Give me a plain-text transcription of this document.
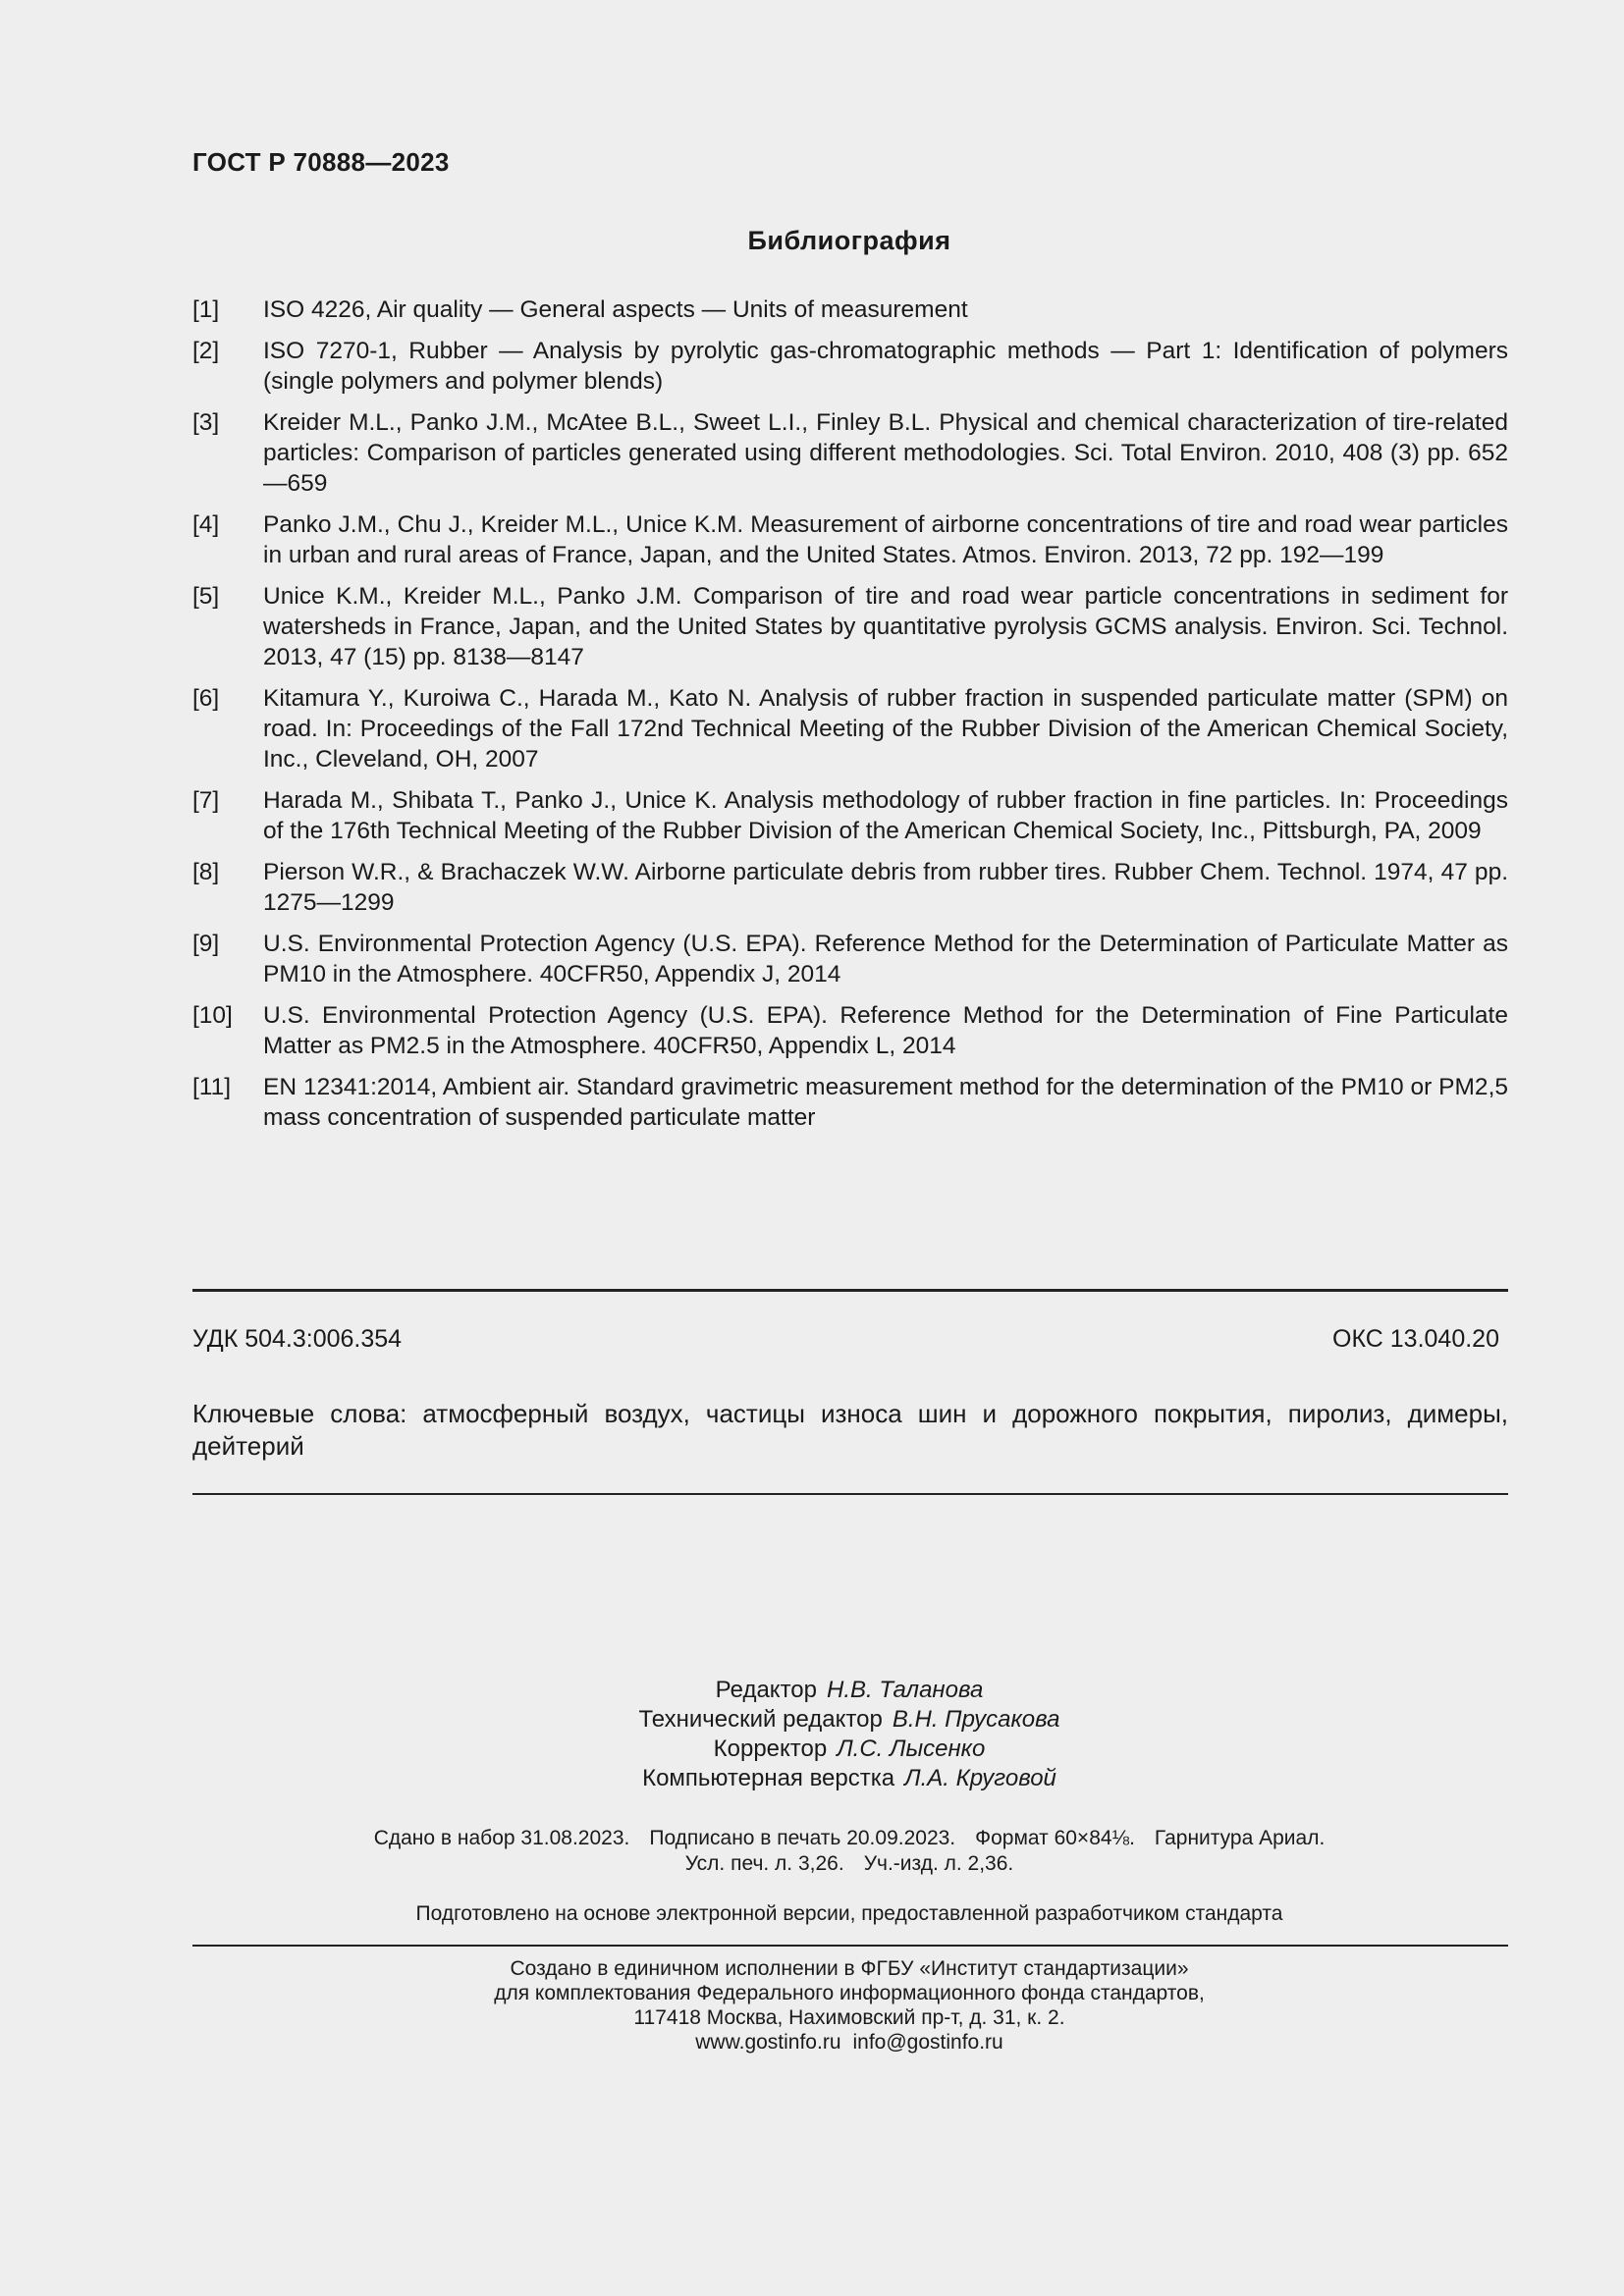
ГОСТ Р 70888—2023
Библиография
[1]	ISO 4226, Air quality — General aspects — Units of measurement
[2]	ISO 7270-1, Rubber — Analysis by pyrolytic gas-chromatographic methods — Part 1: Identification of polymers (single polymers and polymer blends)
[3]	Kreider M.L., Panko J.M., McAtee B.L., Sweet L.I., Finley B.L. Physical and chemical characterization of tire-related particles: Comparison of particles generated using different methodologies. Sci. Total Environ. 2010, 408 (3) pp. 652—659
[4]	Panko J.M., Chu J., Kreider M.L., Unice K.M. Measurement of airborne concentrations of tire and road wear particles in urban and rural areas of France, Japan, and the United States. Atmos. Environ. 2013, 72 pp. 192—199
[5]	Unice K.M., Kreider M.L., Panko J.M. Comparison of tire and road wear particle concentrations in sediment for watersheds in France, Japan, and the United States by quantitative pyrolysis GCMS analysis. Environ. Sci. Technol. 2013, 47 (15) pp. 8138—8147
[6]	Kitamura Y., Kuroiwa C., Harada M., Kato N. Analysis of rubber fraction in suspended particulate matter (SPM) on road. In: Proceedings of the Fall 172nd Technical Meeting of the Rubber Division of the American Chemical Society, Inc., Cleveland, OH, 2007
[7]	Harada M., Shibata T., Panko J., Unice K. Analysis methodology of rubber fraction in fine particles. In: Proceedings of the 176th Technical Meeting of the Rubber Division of the American Chemical Society, Inc., Pittsburgh, PA, 2009
[8]	Pierson W.R., & Brachaczek W.W. Airborne particulate debris from rubber tires. Rubber Chem. Technol. 1974, 47 pp. 1275—1299
[9]	U.S. Environmental Protection Agency (U.S. EPA). Reference Method for the Determination of Particulate Matter as PM10 in the Atmosphere. 40CFR50, Appendix J, 2014
[10]	U.S. Environmental Protection Agency (U.S. EPA). Reference Method for the Determination of Fine Particulate Matter as PM2.5 in the Atmosphere. 40CFR50, Appendix L, 2014
[11]	EN 12341:2014, Ambient air. Standard gravimetric measurement method for the determination of the PM10 or PM2,5 mass concentration of suspended particulate matter
УДК 504.3:006.354	ОКС 13.040.20
Ключевые слова: атмосферный воздух, частицы износа шин и дорожного покрытия, пиролиз, димеры, дейтерий
Редактор Н.В. Таланова
Технический редактор В.Н. Прусакова
Корректор Л.С. Лысенко
Компьютерная верстка Л.А. Круговой
Сдано в набор 31.08.2023. Подписано в печать 20.09.2023. Формат 60×84⅛. Гарнитура Ариал.
Усл. печ. л. 3,26. Уч.-изд. л. 2,36.
Подготовлено на основе электронной версии, предоставленной разработчиком стандарта
Создано в единичном исполнении в ФГБУ «Институт стандартизации»
для комплектования Федерального информационного фонда стандартов,
117418 Москва, Нахимовский пр-т, д. 31, к. 2.
www.gostinfo.ru info@gostinfo.ru
